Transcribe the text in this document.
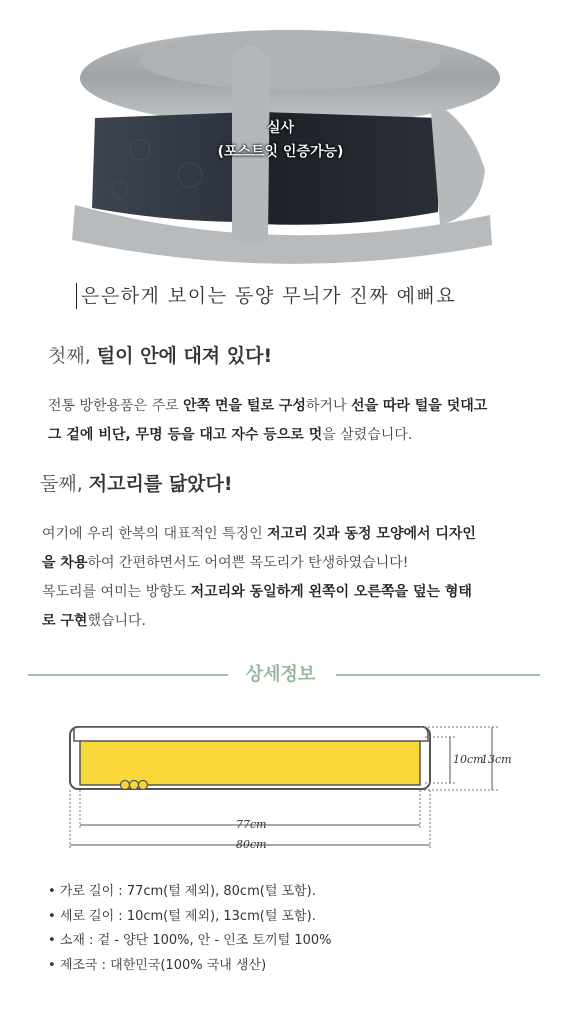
실사
(포스트잇 인증가능)
은은하게 보이는 동양 무늬가 진짜 예뻐요
첫째, 털이 안에 대져 있다!
전통 방한용품은 주로 안쪽 면을 털로 구성하거나 선을 따라 털을 덧대고
그 겉에 비단, 무명 등을 대고 자수 등으로 멋을 살렸습니다.
둘째, 저고리를 닮았다!
여기에 우리 한복의 대표적인 특징인 저고리 깃과 동정 모양에서 디자인
을 차용하여 간편하면서도 어여쁜 목도리가 탄생하였습니다!
목도리를 여미는 방향도 저고리와 동일하게 왼쪽이 오른쪽을 덮는 형태
로 구현했습니다.
상세정보
10cm
13cm
77cm
80cm
• 가로 길이 : 77cm(털 제외), 80cm(털 포함).
• 세로 길이 : 10cm(털 제외), 13cm(털 포함).
• 소재 : 겉 - 양단 100%, 안 - 인조 토끼털 100%
• 제조국 : 대한민국(100% 국내 생산)
